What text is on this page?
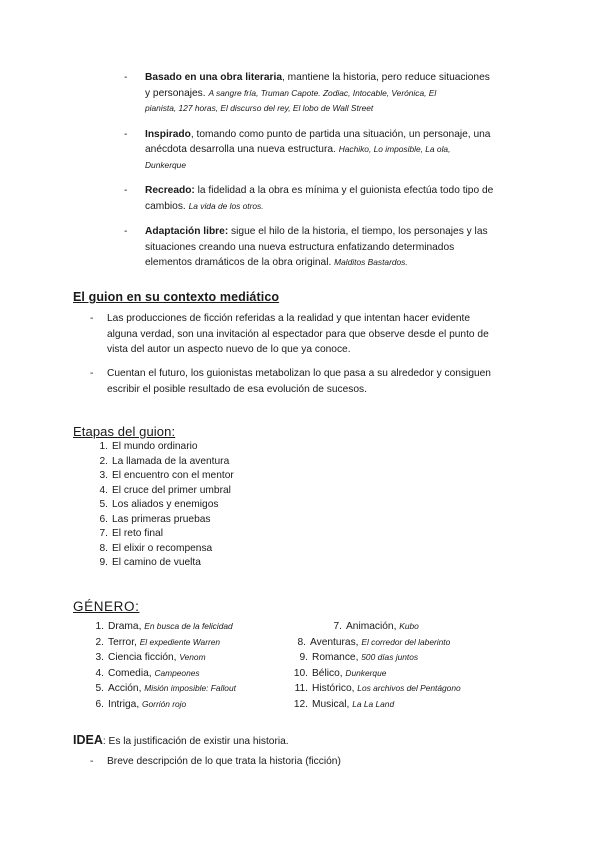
- Basado en una obra literaria, mantiene la historia, pero reduce situaciones
y personajes. A sangre fría, Truman Capote. Zodiac, Intocable, Verónica, El
pianista, 127 horas, El discurso del rey, El lobo de Wall Street
- Inspirado, tomando como punto de partida una situación, un personaje, una
anécdota desarrolla una nueva estructura. Hachiko, Lo imposible, La ola,
Dunkerque
- Recreado: la fidelidad a la obra es mínima y el guionista efectúa todo tipo de
cambios. La vida de los otros.
- Adaptación libre: sigue el hilo de la historia, el tiempo, los personajes y las
situaciones creando una nueva estructura enfatizando determinados
elementos dramáticos de la obra original. Malditos Bastardos.
El guion en su contexto mediático
-	Las producciones de ficción referidas a la realidad y que intentan hacer evidente
alguna verdad, son una invitación al espectador para que observe desde el punto de
vista del autor un aspecto nuevo de lo que ya conoce.
-	Cuentan el futuro, los guionistas metabolizan lo que pasa a su alrededor y consiguen
escribir el posible resultado de esa evolución de sucesos.
Etapas del guion:
1. El mundo ordinario
2. La llamada de la aventura
3. El encuentro con el mentor
4. El cruce del primer umbral
5. Los aliados y enemigos
6. Las primeras pruebas
7. El reto final
8. El elixir o recompensa
9. El camino de vuelta
GÉNERO:
1. Drama, En busca de la felicidad
2. Terror, El expediente Warren
3. Ciencia ficción, Venom
4. Comedia, Campeones
5. Acción, Misión imposible: Fallout
6. Intriga, Gorrión rojo
7. Animación, Kubo
8. Aventuras, El corredor del laberinto
9. Romance, 500 días juntos
10. Bélico, Dunkerque
11. Histórico, Los archivos del Pentágono
12. Musical, La La Land
IDEA: Es la justificación de existir una historia.
-	Breve descripción de lo que trata la historia (ficción)
